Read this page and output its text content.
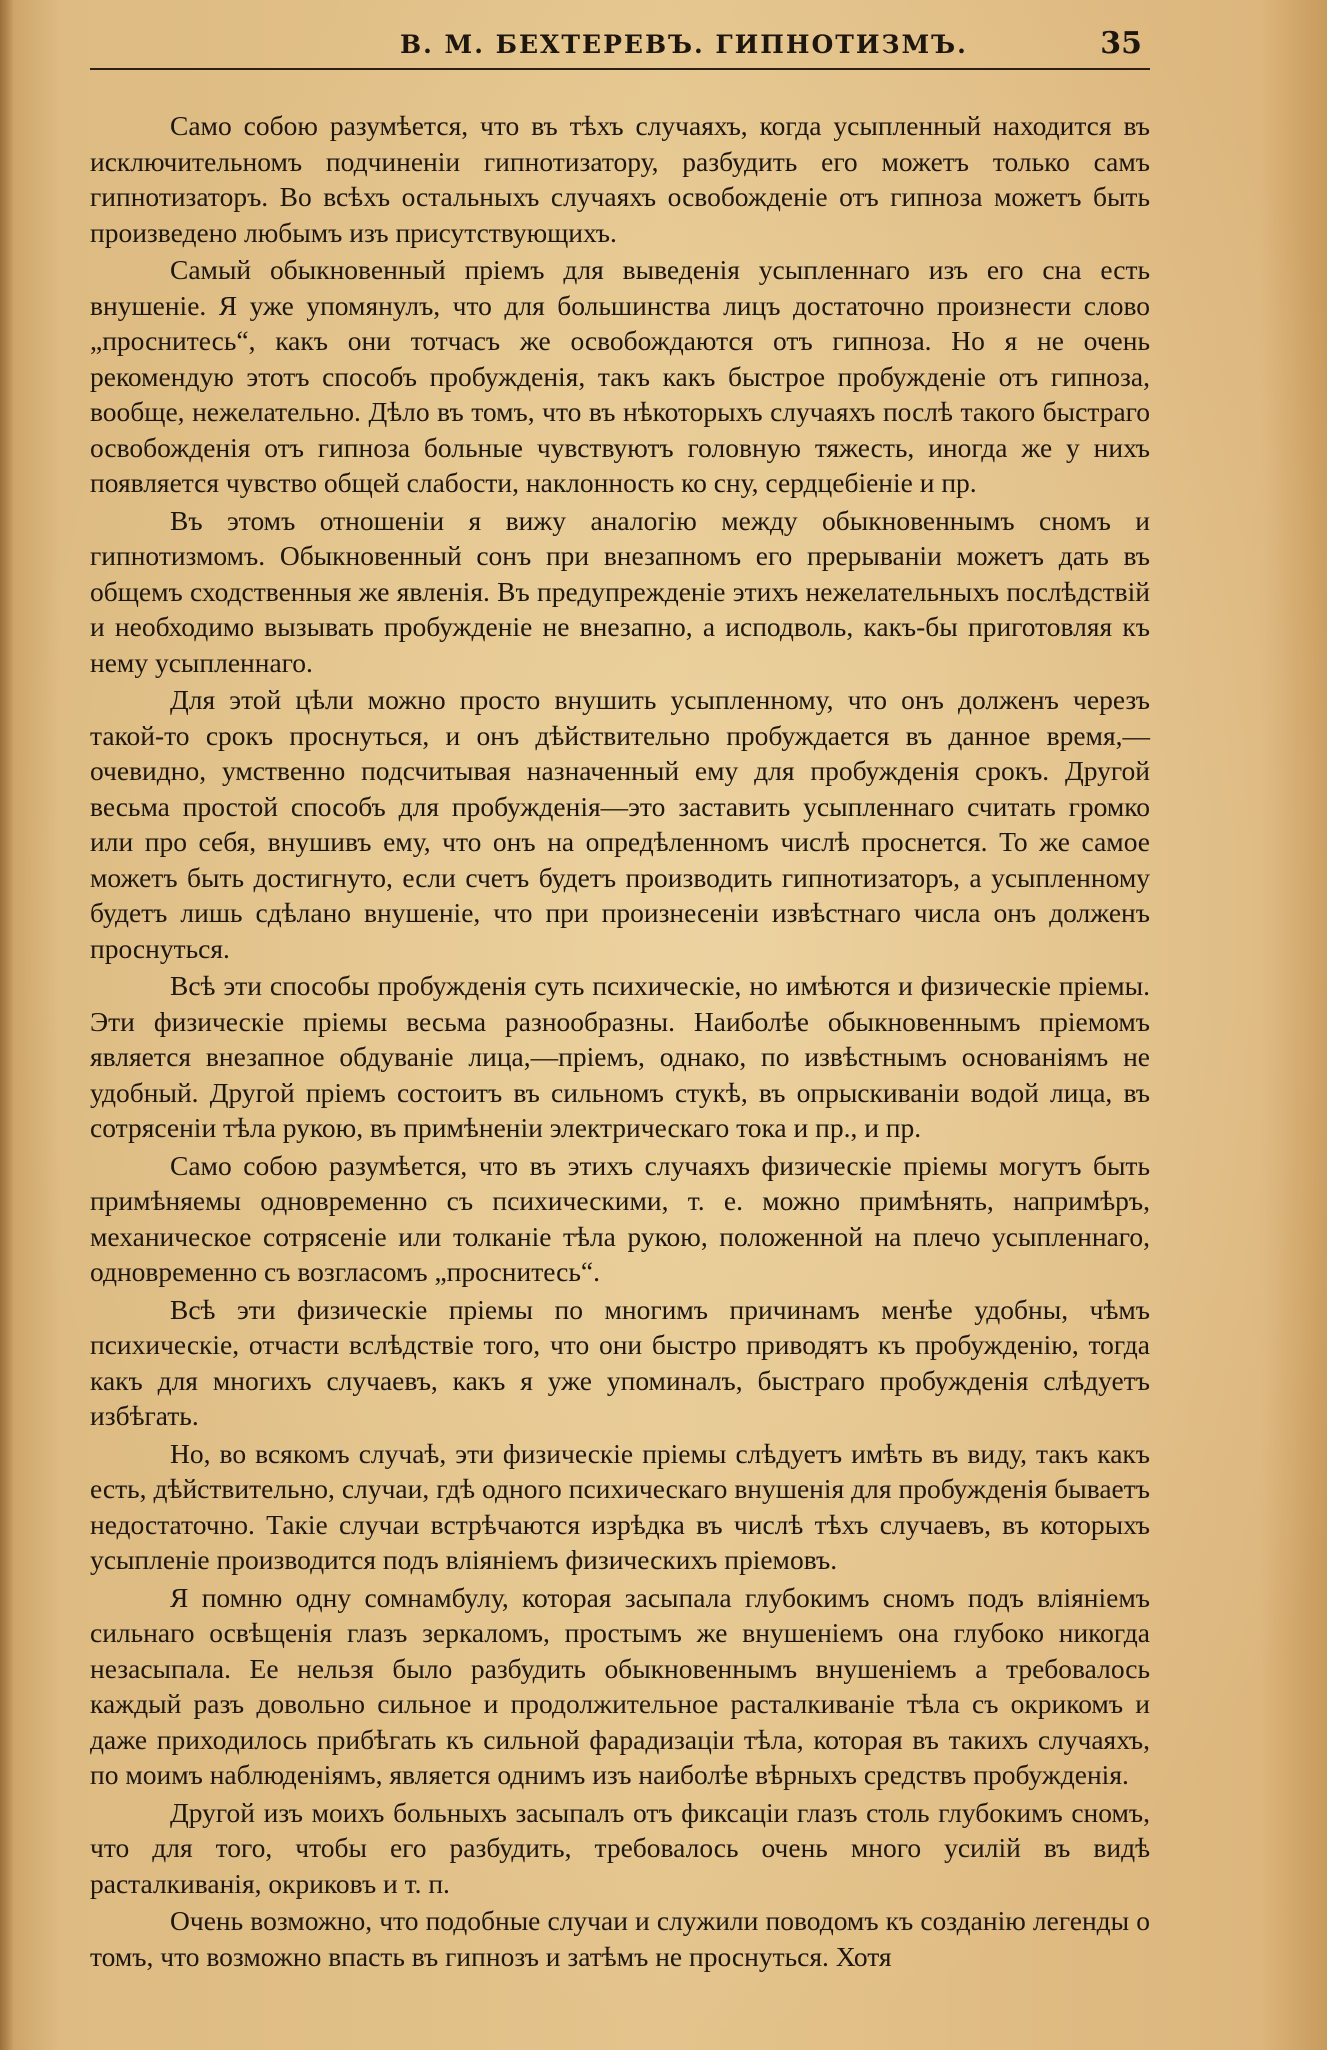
В. М. БЕХТЕРЕВЪ. ГИПНОТИЗМЪ.	35

Само собою разумѣется, что въ тѣхъ случаяхъ, когда усыпленный находится въ исключительномъ подчиненіи гипнотизатору, разбудить его можетъ только самъ гипнотизаторъ. Во всѣхъ остальныхъ случаяхъ освобожденіе отъ гипноза можетъ быть произведено любымъ изъ присутствующихъ.

Самый обыкновенный пріемъ для выведенія усыпленнаго изъ его сна есть внушеніе. Я уже упомянулъ, что для большинства лицъ достаточно произнести слово „проснитесь“, какъ они тотчасъ же освобождаются отъ гипноза. Но я не очень рекомендую этотъ способъ пробужденія, такъ какъ быстрое пробужденіе отъ гипноза, вообще, нежелательно. Дѣло въ томъ, что въ нѣкоторыхъ случаяхъ послѣ такого быстраго освобожденія отъ гипноза больные чувствуютъ головную тяжесть, иногда же у нихъ появляется чувство общей слабости, наклонность ко сну, сердцебіеніе и пр.

Въ этомъ отношеніи я вижу аналогію между обыкновеннымъ сномъ и гипнотизмомъ. Обыкновенный сонъ при внезапномъ его прерываніи можетъ дать въ общемъ сходственныя же явленія. Въ предупрежденіе этихъ нежелательныхъ послѣдствій и необходимо вызывать пробужденіе не внезапно, а исподволь, какъ-бы приготовляя къ нему усыпленнаго.

Для этой цѣли можно просто внушить усыпленному, что онъ долженъ черезъ такой-то срокъ проснуться, и онъ дѣйствительно пробуждается въ данное время,—очевидно, умственно подсчитывая назначенный ему для пробужденія срокъ. Другой весьма простой способъ для пробужденія—это заставить усыпленнаго считать громко или про себя, внушивъ ему, что онъ на опредѣленномъ числѣ проснется. То же самое можетъ быть достигнуто, если счетъ будетъ производить гипнотизаторъ, а усыпленному будетъ лишь сдѣлано внушеніе, что при произнесеніи извѣстнаго числа онъ долженъ проснуться.

Всѣ эти способы пробужденія суть психическіе, но имѣются и физическіе пріемы. Эти физическіе пріемы весьма разнообразны. Наиболѣе обыкновеннымъ пріемомъ является внезапное обдуваніе лица,—пріемъ, однако, по извѣстнымъ основаніямъ не удобный. Другой пріемъ состоитъ въ сильномъ стукѣ, въ опрыскиваніи водой лица, въ сотрясеніи тѣла рукою, въ примѣненіи электрическаго тока и пр., и пр.

Само собою разумѣется, что въ этихъ случаяхъ физическіе пріемы могутъ быть примѣняемы одновременно съ психическими, т. е. можно примѣнять, напримѣръ, механическое сотрясеніе или толканіе тѣла рукою, положенной на плечо усыпленнаго, одновременно съ возгласомъ „проснитесь“.

Всѣ эти физическіе пріемы по многимъ причинамъ менѣе удобны, чѣмъ психическіе, отчасти вслѣдствіе того, что они быстро приводятъ къ пробужденію, тогда какъ для многихъ случаевъ, какъ я уже упоминалъ, быстраго пробужденія слѣдуетъ избѣгать.

Но, во всякомъ случаѣ, эти физическіе пріемы слѣдуетъ имѣть въ виду, такъ какъ есть, дѣйствительно, случаи, гдѣ одного психическаго внушенія для пробужденія бываетъ недостаточно. Такіе случаи встрѣчаются изрѣдка въ числѣ тѣхъ случаевъ, въ которыхъ усыпленіе производится подъ вліяніемъ физическихъ пріемовъ.

Я помню одну сомнамбулу, которая засыпала глубокимъ сномъ подъ вліяніемъ сильнаго освѣщенія глазъ зеркаломъ, простымъ же внушеніемъ она глубоко никогда незасыпала. Ее нельзя было разбудить обыкновеннымъ внушеніемъ а требовалось каждый разъ довольно сильное и продолжительное расталкиваніе тѣла съ окрикомъ и даже приходилось прибѣгать къ сильной фарадизаціи тѣла, которая въ такихъ случаяхъ, по моимъ наблюденіямъ, является однимъ изъ наиболѣе вѣрныхъ средствъ пробужденія.

Другой изъ моихъ больныхъ засыпалъ отъ фиксаціи глазъ столь глубокимъ сномъ, что для того, чтобы его разбудить, требовалось очень много усилій въ видѣ расталкиванія, окриковъ и т. п.

Очень возможно, что подобные случаи и служили поводомъ къ созданію легенды о томъ, что возможно впасть въ гипнозъ и затѣмъ не проснуться. Хотя
